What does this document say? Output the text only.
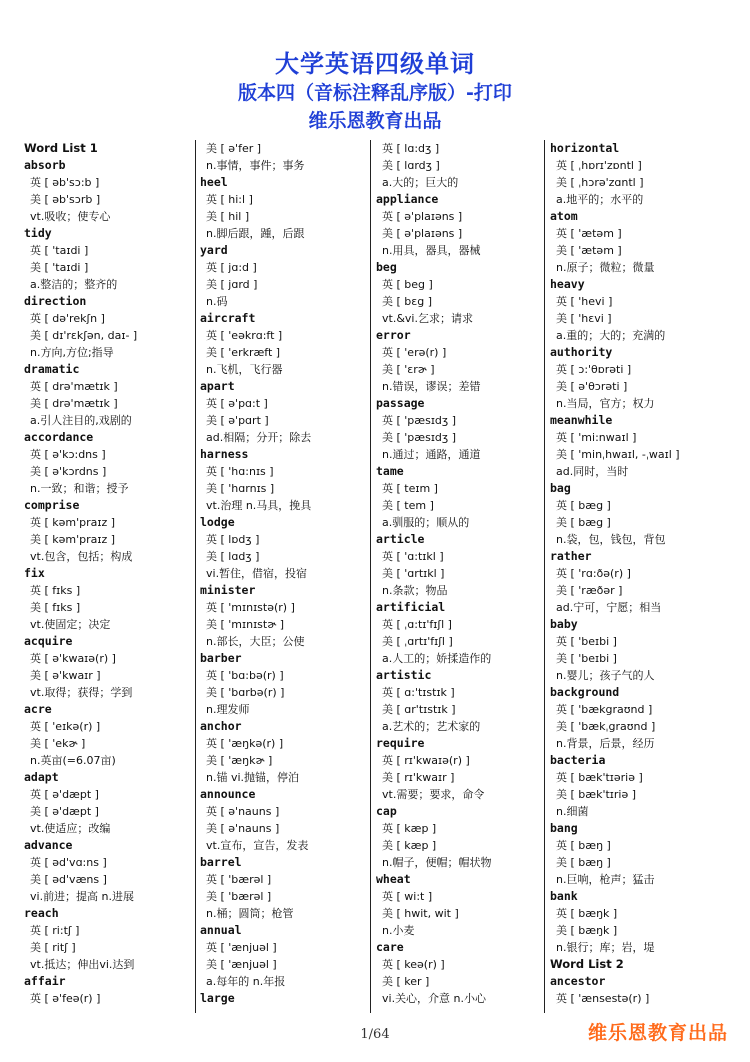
大学英语四级单词
版本四（音标注释乱序版）-打印
维乐恩教育出品
Word List 1
absorb
英 [ əb'sɔ:b ]
美 [ əb'sɔrb ]
vt.吸收；使专心
tidy
英 [ 'taɪdi ]
美 [ 'taɪdi ]
a.整洁的；整齐的
direction
英 [ də'rekʃn ]
美 [ dɪ'rɛkʃən, daɪ- ]
n.方向,方位;指导
dramatic
英 [ drə'mætɪk ]
美 [ drə'mætɪk ]
a.引人注目的,戏剧的
accordance
英 [ ə'kɔ:dns ]
美 [ ə'kɔrdns ]
n.一致；和谐；授予
comprise
英 [ kəm'praɪz ]
美 [ kəm'praɪz ]
vt.包含，包括；构成
fix
英 [ fɪks ]
美 [ fɪks ]
vt.使固定；决定
acquire
英 [ ə'kwaɪə(r) ]
美 [ ə'kwaɪr ]
vt.取得；获得；学到
acre
英 [ 'eɪkə(r) ]
美 [ 'ekɚ ]
n.英亩(=6.07亩)
adapt
英 [ ə'dæpt ]
美 [ ə'dæpt ]
vt.使适应；改编
advance
英 [ əd'vɑ:ns ]
美 [ əd'væns ]
vi.前进；提高 n.进展
reach
英 [ ri:tʃ ]
美 [ ritʃ ]
vt.抵达；伸出vi.达到
affair
英 [ ə'feə(r) ]
美 [ ə'fer ]
n.事情，事件；事务
heel
英 [ hi:l ]
美 [ hil ]
n.脚后跟，踵，后跟
yard
英 [ jɑ:d ]
美 [ jɑrd ]
n.码
aircraft
英 [ 'eəkrɑ:ft ]
美 [ 'erkræft ]
n.飞机，飞行器
apart
英 [ ə'pɑ:t ]
美 [ ə'pɑrt ]
ad.相隔；分开；除去
harness
英 [ 'hɑ:nɪs ]
美 [ 'hɑrnɪs ]
vt.治理 n.马具，挽具
lodge
英 [ lɒdʒ ]
美 [ lɑdʒ ]
vi.暂住，借宿，投宿
minister
英 [ 'mɪnɪstə(r) ]
美 [ 'mɪnɪstɚ ]
n.部长，大臣；公使
barber
英 [ 'bɑ:bə(r) ]
美 [ 'bɑrbə(r) ]
n.理发师
anchor
英 [ 'æŋkə(r) ]
美 [ 'æŋkɚ ]
n.锚 vi.抛锚，停泊
announce
英 [ ə'nauns ]
美 [ ə'nauns ]
vt.宣布，宣告，发表
barrel
英 [ 'bærəl ]
美 [ 'bærəl ]
n.桶；圆筒；枪管
annual
英 [ 'ænjuəl ]
美 [ 'ænjuəl ]
a.每年的 n.年报
large
英 [ lɑ:dʒ ]
美 [ lɑrdʒ ]
a.大的；巨大的
appliance
英 [ ə'plaɪəns ]
美 [ ə'plaɪəns ]
n.用具，器具，器械
beg
英 [ beg ]
美 [ bɛg ]
vt.&vi.乞求；请求
error
英 [ 'erə(r) ]
美 [ 'ɛrɚ ]
n.错误，谬误；差错
passage
英 [ 'pæsɪdʒ ]
美 [ 'pæsɪdʒ ]
n.通过；通路，通道
tame
英 [ teɪm ]
美 [ tem ]
a.驯服的；顺从的
article
英 [ 'ɑ:tɪkl ]
美 [ 'ɑrtɪkl ]
n.条款；物品
artificial
英 [ ˌɑ:tɪ'fɪʃl ]
美 [ ˌɑrtɪ'fɪʃl ]
a.人工的；娇揉造作的
artistic
英 [ ɑ:'tɪstɪk ]
美 [ ɑr'tɪstɪk ]
a.艺术的；艺术家的
require
英 [ rɪ'kwaɪə(r) ]
美 [ rɪ'kwaɪr ]
vt.需要；要求，命令
cap
英 [ kæp ]
美 [ kæp ]
n.帽子，便帽；帽状物
wheat
英 [ wi:t ]
美 [ hwit, wit ]
n.小麦
care
英 [ keə(r) ]
美 [ ker ]
vi.关心，介意 n.小心
horizontal
英 [ ˌhɒrɪ'zɒntl ]
美 [ ˌhɔrə'zɑntl ]
a.地平的；水平的
atom
英 [ 'ætəm ]
美 [ 'ætəm ]
n.原子；微粒；微量
heavy
英 [ 'hevi ]
美 [ 'hɛvi ]
a.重的；大的；充满的
authority
英 [ ɔ:'θɒrəti ]
美 [ ə'θɔrəti ]
n.当局，官方；权力
meanwhile
英 [ 'mi:nwaɪl ]
美 [ 'minˌhwaɪl, -ˌwaɪl ]
ad.同时，当时
bag
英 [ bæg ]
美 [ bæg ]
n.袋，包，钱包，背包
rather
英 [ 'rɑ:ðə(r) ]
美 [ 'ræðər ]
ad.宁可，宁愿；相当
baby
英 [ 'beɪbi ]
美 [ 'beɪbi ]
n.婴儿；孩子气的人
background
英 [ 'bækgraʊnd ]
美 [ 'bækˌgraʊnd ]
n.背景，后景，经历
bacteria
英 [ bæk'tɪəriə ]
美 [ bæk'tɪriə ]
n.细菌
bang
英 [ bæŋ ]
美 [ bæŋ ]
n.巨响，枪声；猛击
bank
英 [ bæŋk ]
美 [ bæŋk ]
n.银行；库；岩，堤
Word List 2
ancestor
英 [ 'ænsestə(r) ]
1/64	维乐恩教育出品
